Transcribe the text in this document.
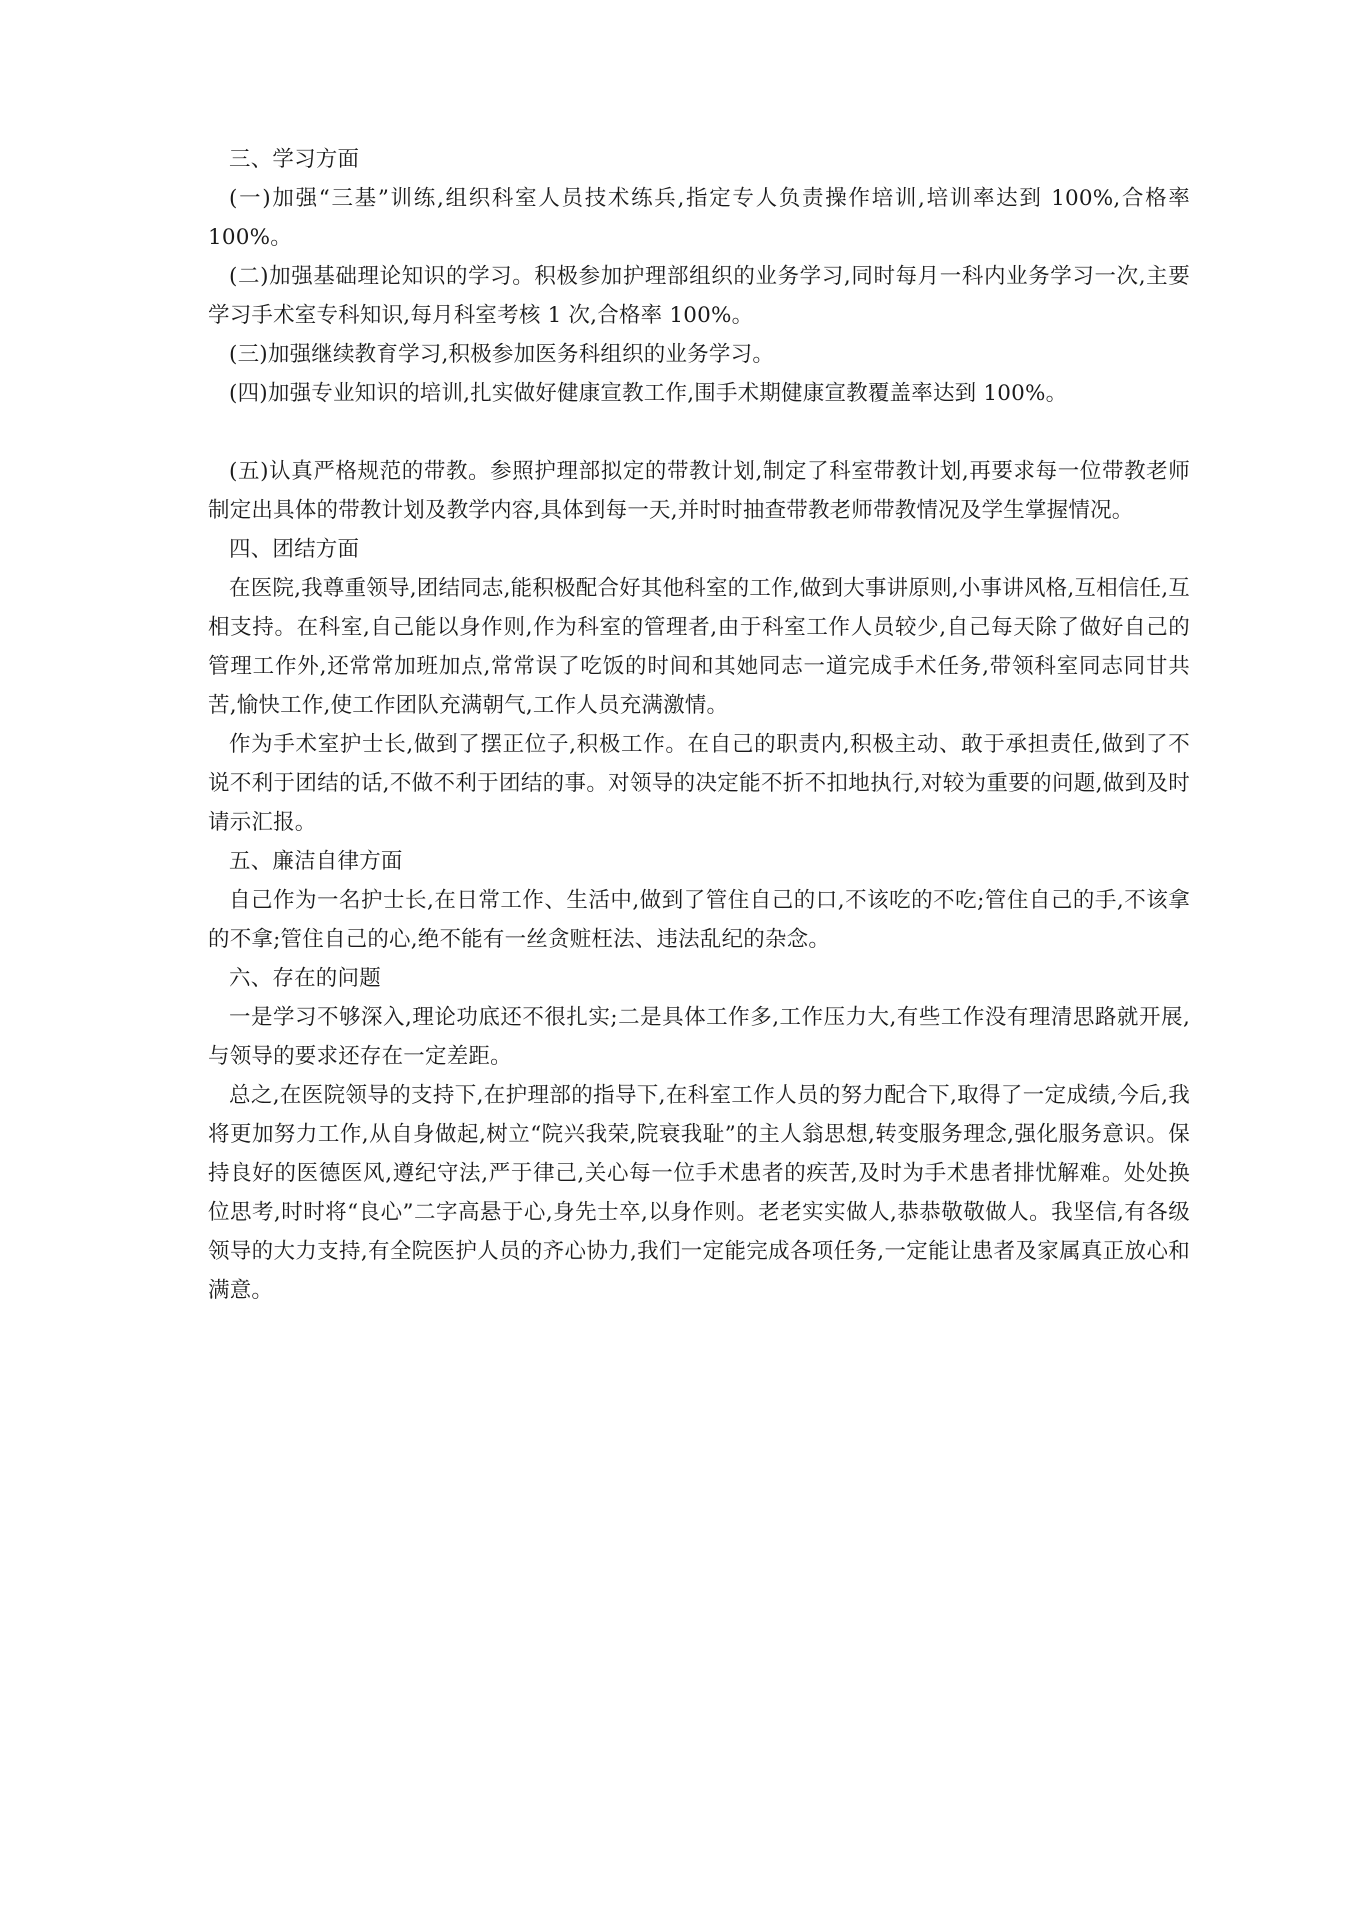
三、学习方面

(一)加强“三基”训练,组织科室人员技术练兵,指定专人负责操作培训,培训率达到 100%,合格率 100%。

(二)加强基础理论知识的学习。积极参加护理部组织的业务学习,同时每月一科内业务学习一次,主要学习手术室专科知识,每月科室考核 1 次,合格率 100%。

(三)加强继续教育学习,积极参加医务科组织的业务学习。

(四)加强专业知识的培训,扎实做好健康宣教工作,围手术期健康宣教覆盖率达到 100%。

(五)认真严格规范的带教。参照护理部拟定的带教计划,制定了科室带教计划,再要求每一位带教老师制定出具体的带教计划及教学内容,具体到每一天,并时时抽查带教老师带教情况及学生掌握情况。

四、团结方面

在医院,我尊重领导,团结同志,能积极配合好其他科室的工作,做到大事讲原则,小事讲风格,互相信任,互相支持。在科室,自己能以身作则,作为科室的管理者,由于科室工作人员较少,自己每天除了做好自己的管理工作外,还常常加班加点,常常误了吃饭的时间和其她同志一道完成手术任务,带领科室同志同甘共苦,愉快工作,使工作团队充满朝气,工作人员充满激情。

作为手术室护士长,做到了摆正位子,积极工作。在自己的职责内,积极主动、敢于承担责任,做到了不说不利于团结的话,不做不利于团结的事。对领导的决定能不折不扣地执行,对较为重要的问题,做到及时请示汇报。

五、廉洁自律方面

自己作为一名护士长,在日常工作、生活中,做到了管住自己的口,不该吃的不吃;管住自己的手,不该拿的不拿;管住自己的心,绝不能有一丝贪赃枉法、违法乱纪的杂念。

六、存在的问题

一是学习不够深入,理论功底还不很扎实;二是具体工作多,工作压力大,有些工作没有理清思路就开展,与领导的要求还存在一定差距。

总之,在医院领导的支持下,在护理部的指导下,在科室工作人员的努力配合下,取得了一定成绩,今后,我将更加努力工作,从自身做起,树立“院兴我荣,院衰我耻”的主人翁思想,转变服务理念,强化服务意识。保持良好的医德医风,遵纪守法,严于律己,关心每一位手术患者的疾苦,及时为手术患者排忧解难。处处换位思考,时时将“良心”二字高悬于心,身先士卒,以身作则。老老实实做人,恭恭敬敬做人。我坚信,有各级领导的大力支持,有全院医护人员的齐心协力,我们一定能完成各项任务,一定能让患者及家属真正放心和满意。
